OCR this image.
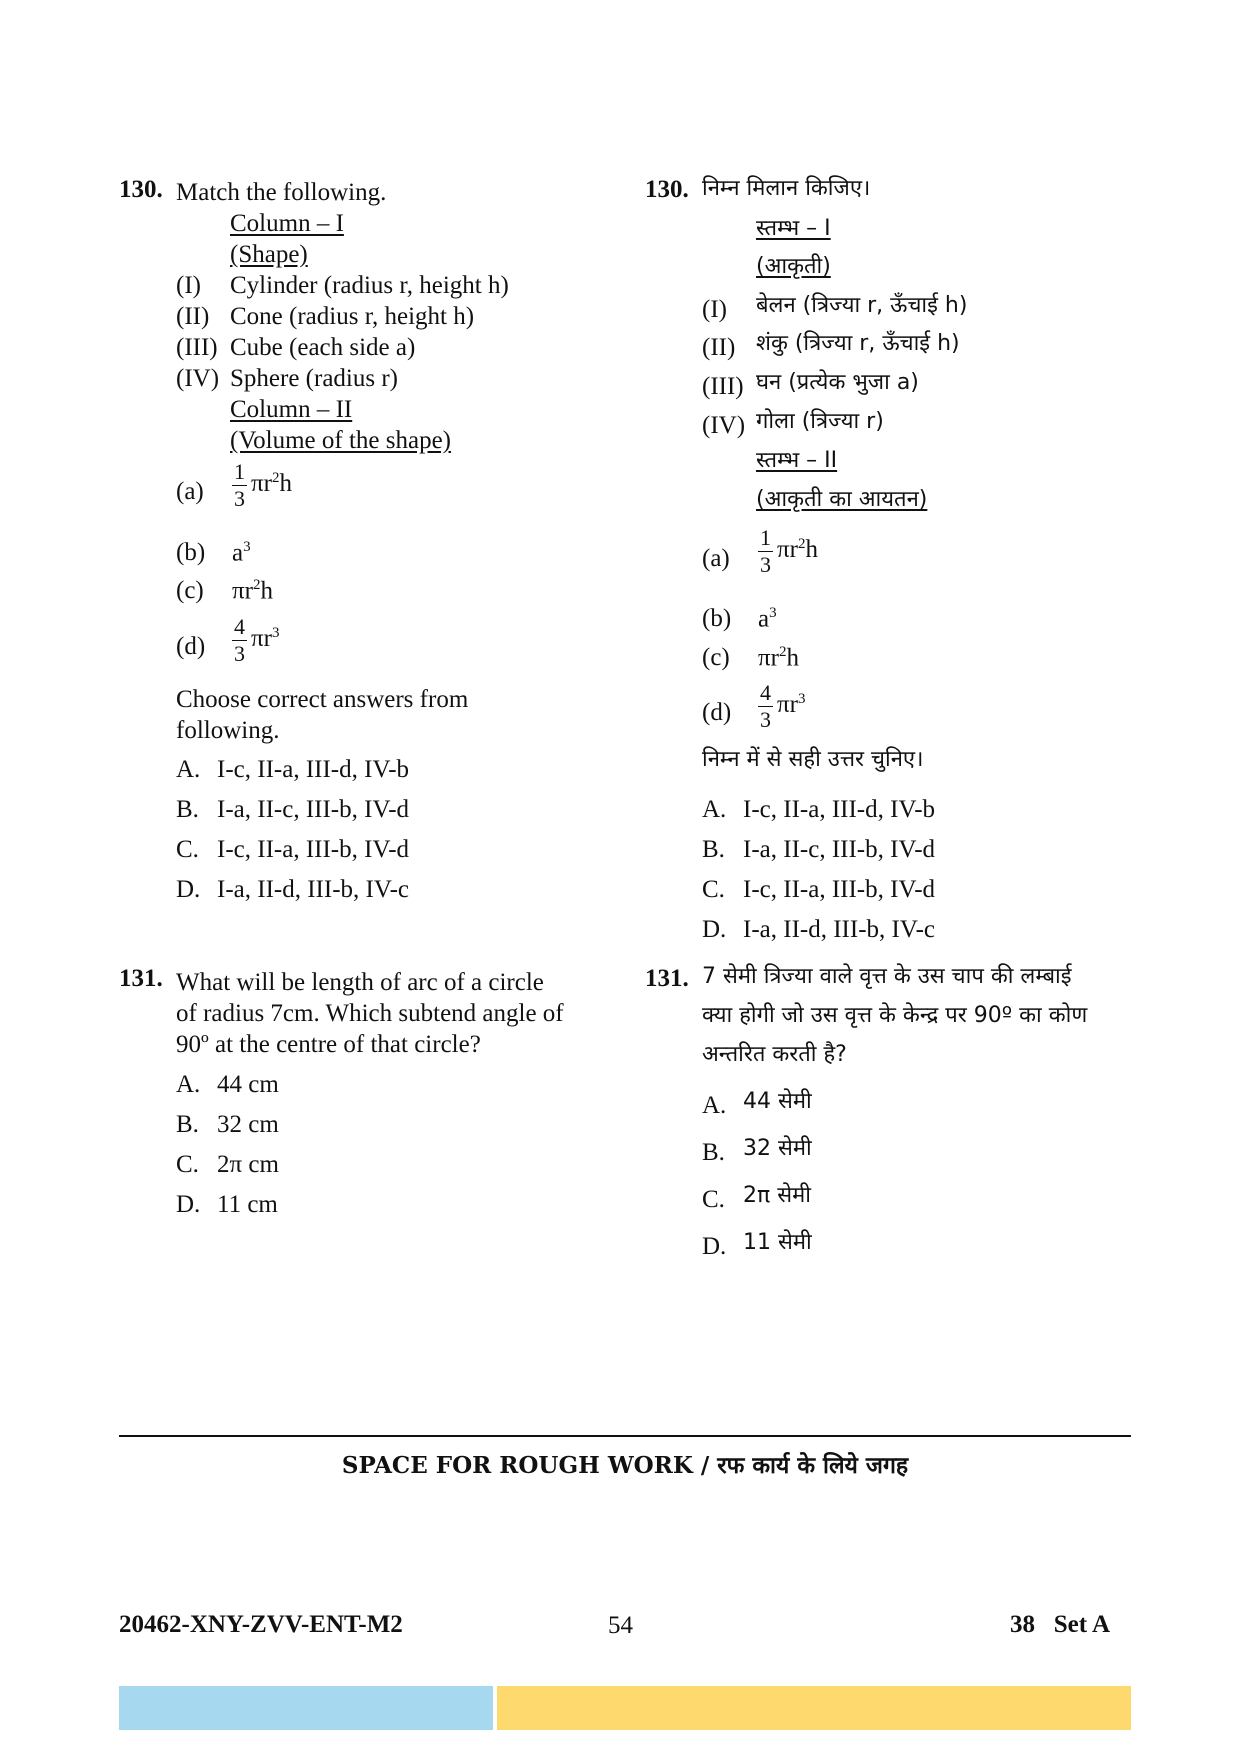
130. Match the following.
Column – I
(Shape)
(I) Cylinder (radius r, height h)
(II) Cone (radius r, height h)
(III) Cube (each side a)
(IV) Sphere (radius r)
Column – II
(Volume of the shape)
$(a) \frac{1}{3} \pi r^2h$
(b) $a^3$
(c) $\pi r^2h$
$(d) \frac{4}{3} \pi r^3$
Choose correct answers from
following.
A. I-c, II-a, III-d, IV-b
B. I-a, II-c, III-b, IV-d
C. I-c, II-a, III-b, IV-d
D. I-a, II-d, III-b, IV-c
131. What will be length of arc of a circle
of radius 7cm. Which subtend angle of
90º at the centre of that circle?
A. 44 cm
B. 32 cm
C. 2π cm
D. 11 cm
130. निम्न मिलान किजिए।
स्तम्भ – I
(आकृती)
(I) बेलन (त्रिज्या r, ऊँचाई h)
(II) शंकु (त्रिज्या r, ऊँचाई h)
(III) घन (प्रत्येक भुजा a)
(IV) गोला (त्रिज्या r)
स्तम्भ – II
(आकृती का आयतन)
$(a) \frac{1}{3} \pi r^2h$
(b) $a^3$
(c) $\pi r^2h$
$(d) \frac{4}{3} \pi r^3$
निम्न में से सही उत्तर चुनिए।
A. I-c, II-a, III-d, IV-b
B. I-a, II-c, III-b, IV-d
C. I-c, II-a, III-b, IV-d
D. I-a, II-d, III-b, IV-c
131. 7 सेमी त्रिज्या वाले वृत्त के उस चाप की लम्बाई
क्या होगी जो उस वृत्त के केन्द्र पर 90º का कोण
अन्तरित करती है?
A. 44 सेमी
B. 32 सेमी
C. 2π सेमी
D. 11 सेमी
SPACE FOR ROUGH WORK / रफ कार्य के लिये जगह
20462-XNY-ZVV-ENT-M2	54	38   Set A
